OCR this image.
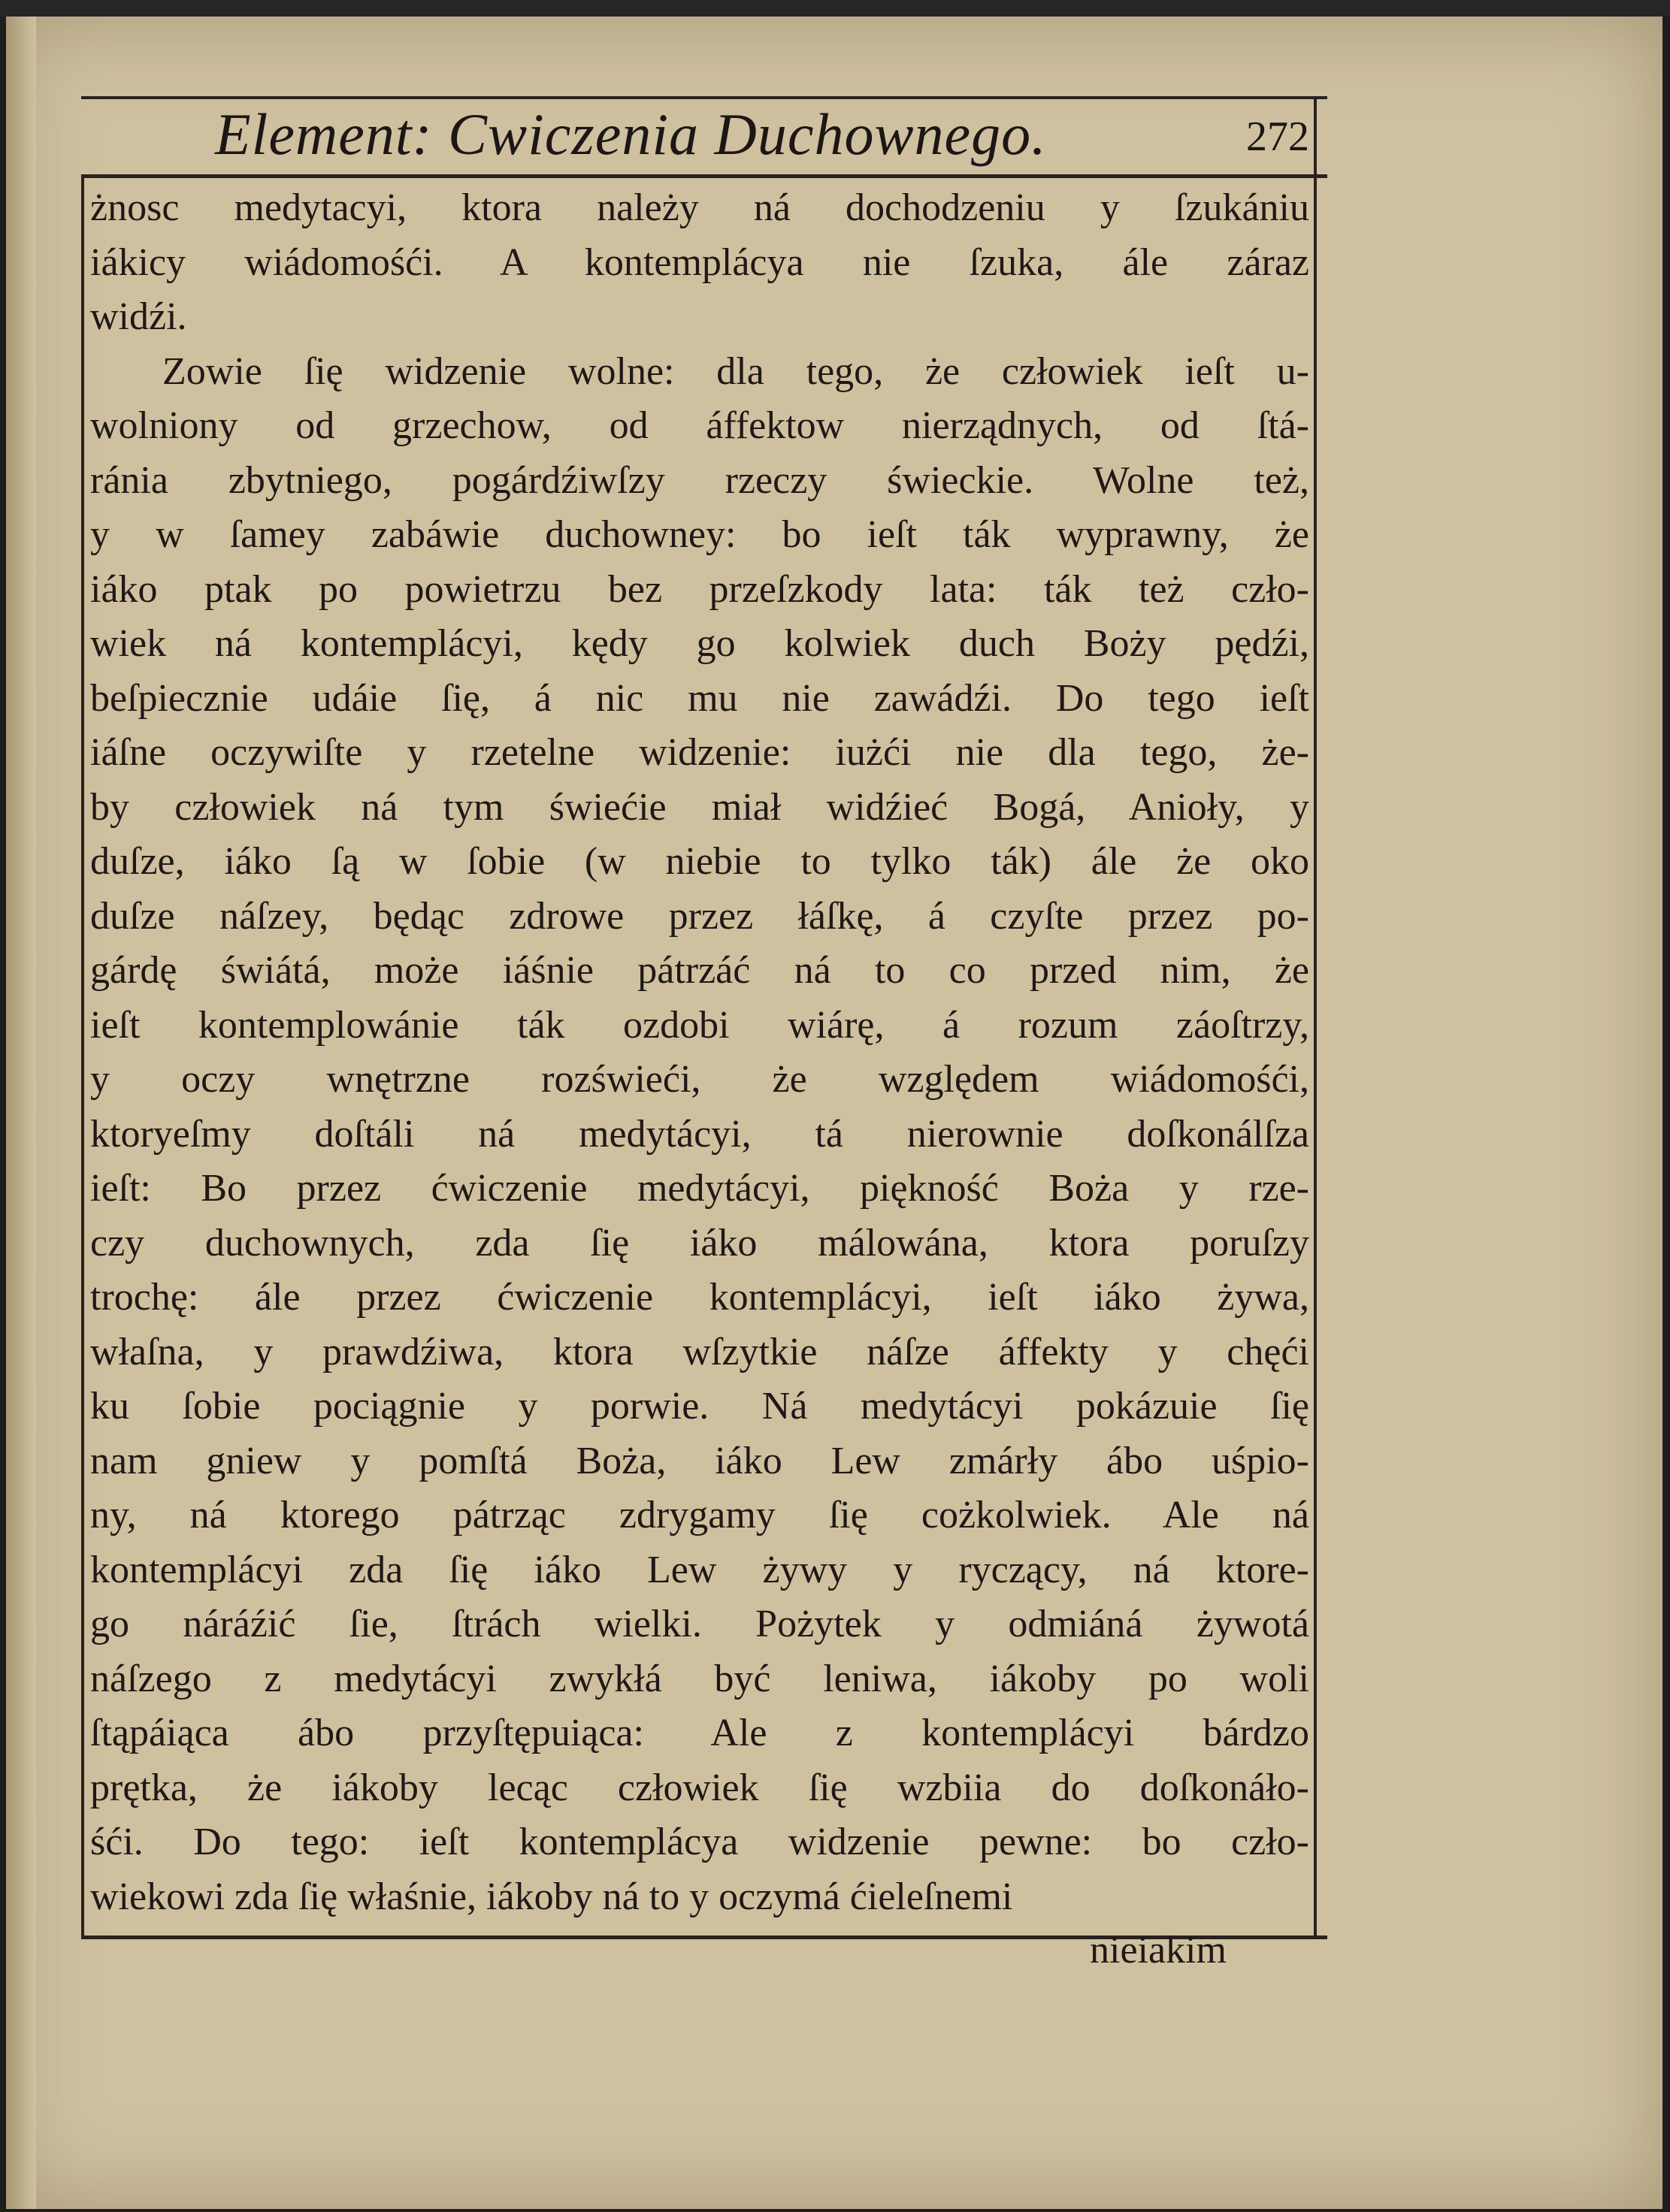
Element: Cwiczenia Duchownego.	272
żnosc medytacyi, ktora należy ná dochodzeniu y ſzukániu
iákicy wiádomośći. A kontemplácya nie ſzuka, ále záraz
widźi.
Zowie ſię widzenie wolne: dla tego, że człowiek ieſt u-
wolniony od grzechow, od áffektow nierządnych, od ſtá-
ránia zbytniego, pogárdźiwſzy rzeczy świeckie. Wolne też,
y w ſamey zabáwie duchowney: bo ieſt ták wyprawny, że
iáko ptak po powietrzu bez przeſzkody lata: ták też czło-
wiek ná kontemplácyi, kędy go kolwiek duch Boży pędźi,
beſpiecznie udáie ſię, á nic mu nie zawádźi. Do tego ieſt
iáſne oczywiſte y rzetelne widzenie: iużći nie dla tego, że-
by człowiek ná tym świećie miał widźieć Bogá, Anioły, y
duſze, iáko ſą w ſobie (w niebie to tylko ták) ále że oko
duſze náſzey, będąc zdrowe przez łáſkę, á czyſte przez po-
gárdę świátá, może iáśnie pátrzáć ná to co przed nim, że
ieſt kontemplowánie ták ozdobi wiárę, á rozum záoſtrzy,
y oczy wnętrzne rozświeći, że względem wiádomośći,
ktoryeſmy doſtáli ná medytácyi, tá nierownie doſkonálſza
ieſt: Bo przez ćwiczenie medytácyi, piękność Boża y rze-
czy duchownych, zda ſię iáko málowána, ktora poruſzy
trochę: ále przez ćwiczenie kontemplácyi, ieſt iáko żywa,
właſna, y prawdźiwa, ktora wſzytkie náſze áffekty y chęći
ku ſobie pociągnie y porwie. Ná medytácyi pokázuie ſię
nam gniew y pomſtá Boża, iáko Lew zmárły ábo uśpio-
ny, ná ktorego pátrząc zdrygamy ſię cożkolwiek. Ale ná
kontemplácyi zda ſię iáko Lew żywy y ryczący, ná ktore-
go náráźić ſie, ſtrách wielki. Pożytek y odmiáná żywotá
náſzego z medytácyi zwykłá być leniwa, iákoby po woli
ſtąpáiąca ábo przyſtępuiąca: Ale z kontemplácyi bárdzo
prętka, że iákoby lecąc człowiek ſię wzbiia do doſkonáło-
śći. Do tego: ieſt kontemplácya widzenie pewne: bo czło-
wiekowi zda ſię właśnie, iákoby ná to y oczymá ćieleſnemi
nieiakim
